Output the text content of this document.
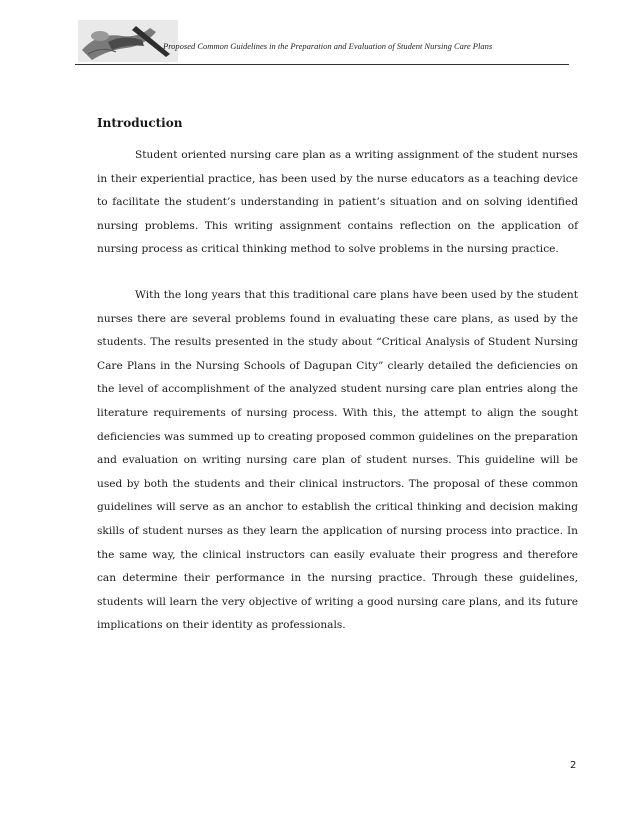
Proposed Common Guidelines in the Preparation and Evaluation of Student Nursing Care Plans
Introduction

Student oriented nursing care plan as a writing assignment of the student nurses in their experiential practice, has been used by the nurse educators as a teaching device to facilitate the student’s understanding in patient’s situation and on solving identified nursing problems. This writing assignment contains reflection on the application of nursing process as critical thinking method to solve problems in the nursing practice.

With the long years that this traditional care plans have been used by the student nurses there are several problems found in evaluating these care plans, as used by the students. The results presented in the study about “Critical Analysis of Student Nursing Care Plans in the Nursing Schools of Dagupan City” clearly detailed the deficiencies on the level of accomplishment of the analyzed student nursing care plan entries along the literature requirements of nursing process. With this, the attempt to align the sought deficiencies was summed up to creating proposed common guidelines on the preparation and evaluation on writing nursing care plan of student nurses. This guideline will be used by both the students and their clinical instructors. The proposal of these common guidelines will serve as an anchor to establish the critical thinking and decision making skills of student nurses as they learn the application of nursing process into practice. In the same way, the clinical instructors can easily evaluate their progress and therefore can determine their performance in the nursing practice. Through these guidelines, students will learn the very objective of writing a good nursing care plans, and its future implications on their identity as professionals.

2
